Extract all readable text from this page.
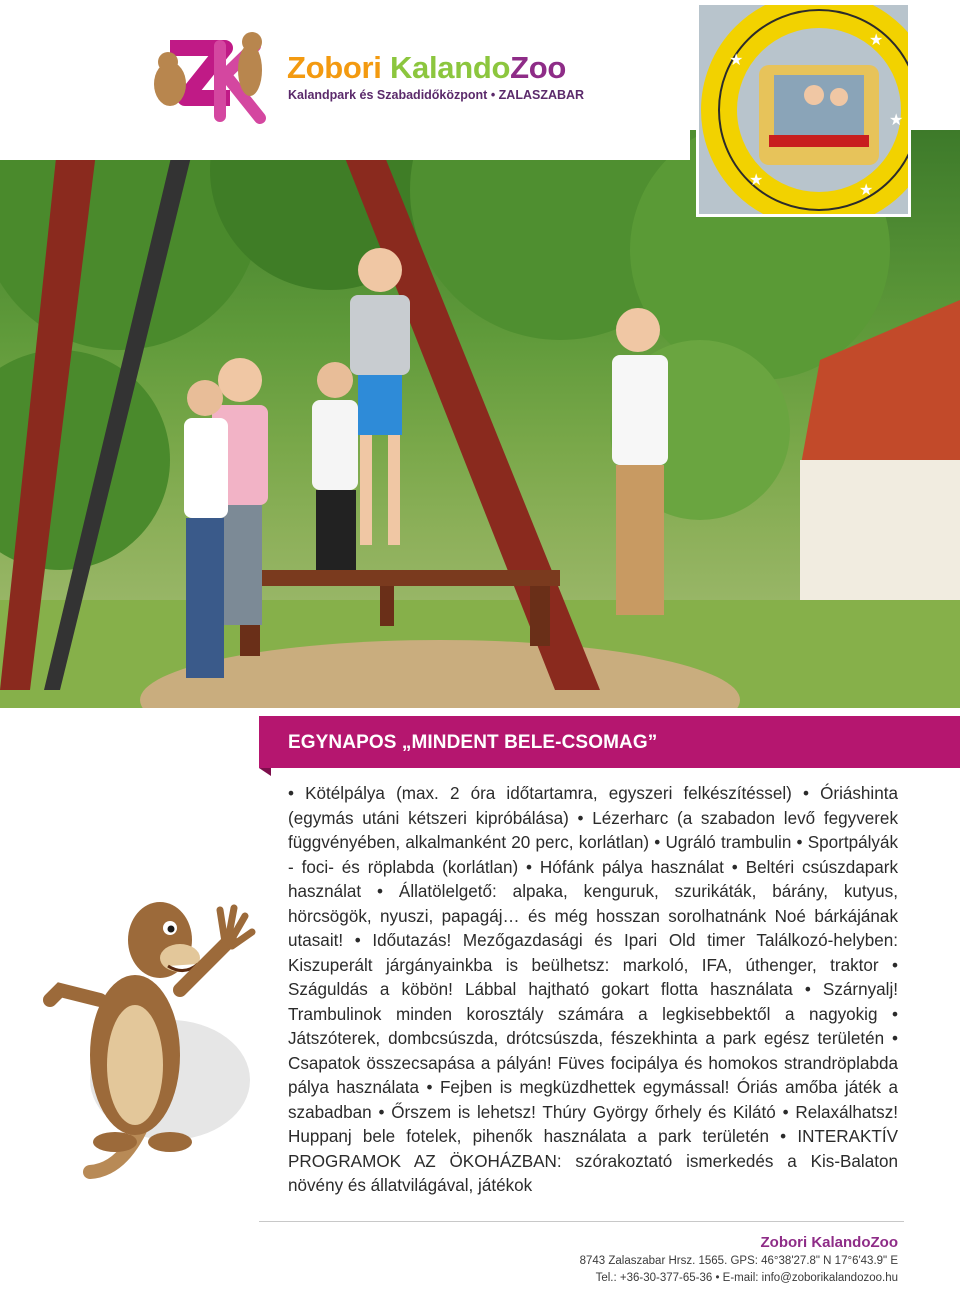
Zobori KalandoZoo
Kalandpark és Szabadidőközpont • ZALASZABAR
★
★
★
★
★
EGYNAPOS „MINDENT BELE-CSOMAG”
• Kötélpálya (max. 2 óra időtartamra, egyszeri felkészítéssel) • Óriáshinta (egymás utáni kétszeri kipróbálása) • Lézerharc (a szabadon levő fegyverek függvényében, alkalmanként 20 perc, korlátlan) • Ugráló trambulin • Sportpályák - foci- és röplabda (korlátlan) • Hófánk pálya használat • Beltéri csúszdapark használat • Állatölelgető: alpaka, kenguruk, szurikáták, bárány, kutyus, hörcsögök, nyuszi, papagáj… és még hosszan sorolhatnánk Noé bárkájának utasait! • Időutazás! Mezőgazdasági és Ipari Old timer Találkozó-helyben: Kiszuperált járgányainkba is beülhetsz: markoló, IFA, úthenger, traktor • Száguldás a köbön! Lábbal hajtható gokart flotta használata • Szárnyalj! Trambulinok minden korosztály számára a legkisebbektől a nagyokig • Játszóterek, dombcsúszda, drótcsúszda, fészekhinta a park egész területén • Csapatok összecsapása a pályán! Füves focipálya és homokos strandröplabda pálya használata • Fejben is megküzdhettek egymással! Óriás amőba játék a szabadban • Őrszem is lehetsz! Thúry György őrhely és Kilátó • Relaxálhatsz! Huppanj bele fotelek, pihenők használata a park területén • INTERAKTÍV PROGRAMOK AZ ÖKOHÁZBAN: szórakoztató ismerkedés a Kis-Balaton növény és állatvilágával, játékok
Zobori KalandoZoo
8743 Zalaszabar Hrsz. 1565. GPS: 46°38'27.8" N 17°6'43.9" E
Tel.: +36-30-377-65-36 • E-mail: info@zoborikalandozoo.hu
